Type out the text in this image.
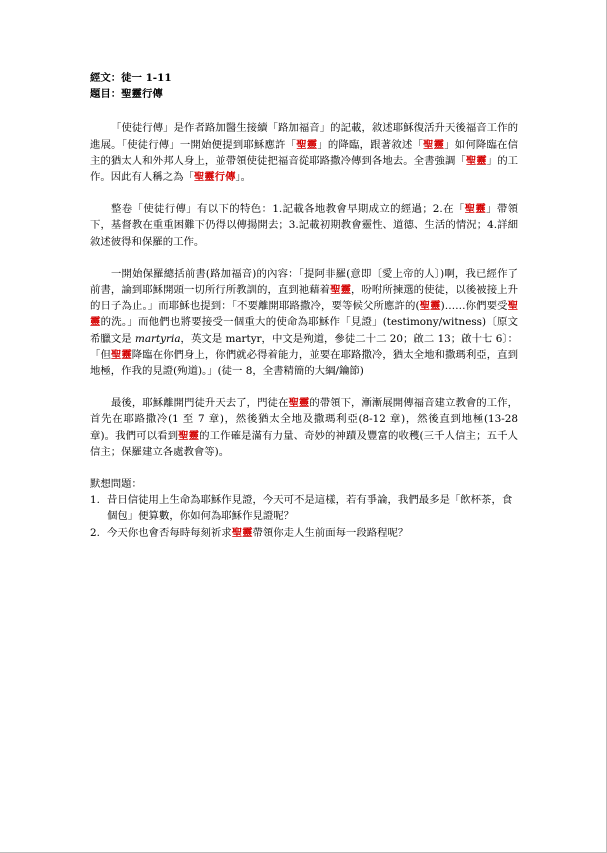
經文：徒一 1-11

題目：聖靈行傳

「使徒行傳」是作者路加醫生接續「路加福音」的記載，敘述耶穌復活升天後福音工作的進展。「使徒行傳」一開始便提到耶穌應許「聖靈」的降臨，跟著敘述「聖靈」如何降臨在信主的猶太人和外邦人身上，並帶領使徒把福音從耶路撒冷傳到各地去。全書強調「聖靈」的工作。因此有人稱之為「聖靈行傳」。

整卷「使徒行傳」有以下的特色：1.記載各地教會早期成立的經過；2.在「聖靈」帶領下，基督教在重重困難下仍得以傳揚開去；3.記載初期教會靈性、道德、生活的情況；4.詳細敘述彼得和保羅的工作。

一開始保羅總括前書(路加福音)的內容：「提阿非羅(意即〔愛上帝的人〕)啊，我已經作了前書，論到耶穌開頭一切所行所教訓的，直到祂藉着聖靈，吩咐所揀選的使徒，以後被接上升的日子為止。」而耶穌也提到：「不要離開耶路撒冷，要等候父所應許的(聖靈)……你們要受聖靈的洗。」而他們也將要接受一個重大的使命為耶穌作「見證」(testimony/witness)〔原文希臘文是 martyria，英文是 martyr，中文是殉道，參徒二十二 20；啟二 13；啟十七 6〕：「但聖靈降臨在你們身上，你們就必得着能力，並要在耶路撒冷，猶太全地和撒瑪利亞，直到地極，作我的見證(殉道)。」(徒一 8，全書精簡的大綱/鑰節)

最後，耶穌離開門徒升天去了，門徒在聖靈的帶領下，漸漸展開傳福音建立教會的工作，首先在耶路撒冷(1 至 7 章)，然後猶太全地及撒瑪利亞(8-12 章)，然後直到地極(13-28 章)。我們可以看到聖靈的工作確是滿有力量、奇妙的神蹟及豐富的收穫(三千人信主；五千人信主；保羅建立各處教會等)。

默想問題：

1. 昔日信徒用上生命為耶穌作見證，今天可不是這樣，若有爭論，我們最多是「飲杯茶，食個包」便算數，你如何為耶穌作見證呢？
2. 今天你也會否每時每刻祈求聖靈帶領你走人生前面每一段路程呢？
